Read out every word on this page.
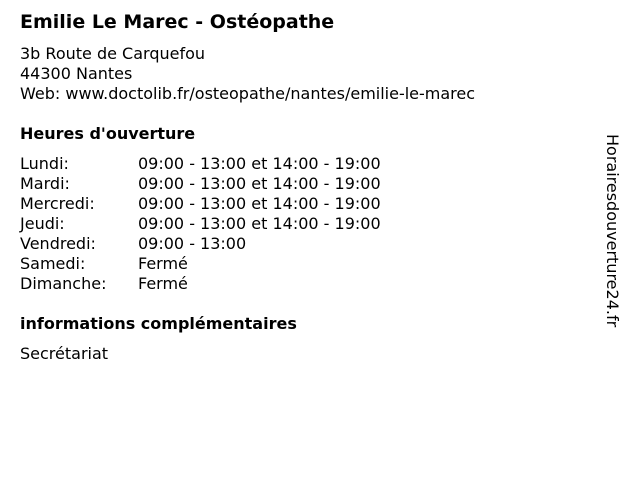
Emilie Le Marec - Ostéopathe
3b Route de Carquefou
44300 Nantes
Web: www.doctolib.fr/osteopathe/nantes/emilie-le-marec
Heures d'ouverture
Lundi:	09:00 - 13:00 et 14:00 - 19:00
Mardi:	09:00 - 13:00 et 14:00 - 19:00
Mercredi:	09:00 - 13:00 et 14:00 - 19:00
Jeudi:	09:00 - 13:00 et 14:00 - 19:00
Vendredi:	09:00 - 13:00
Samedi:	Fermé
Dimanche:	Fermé
informations complémentaires
Secrétariat
Horairesdouverture24.fr
